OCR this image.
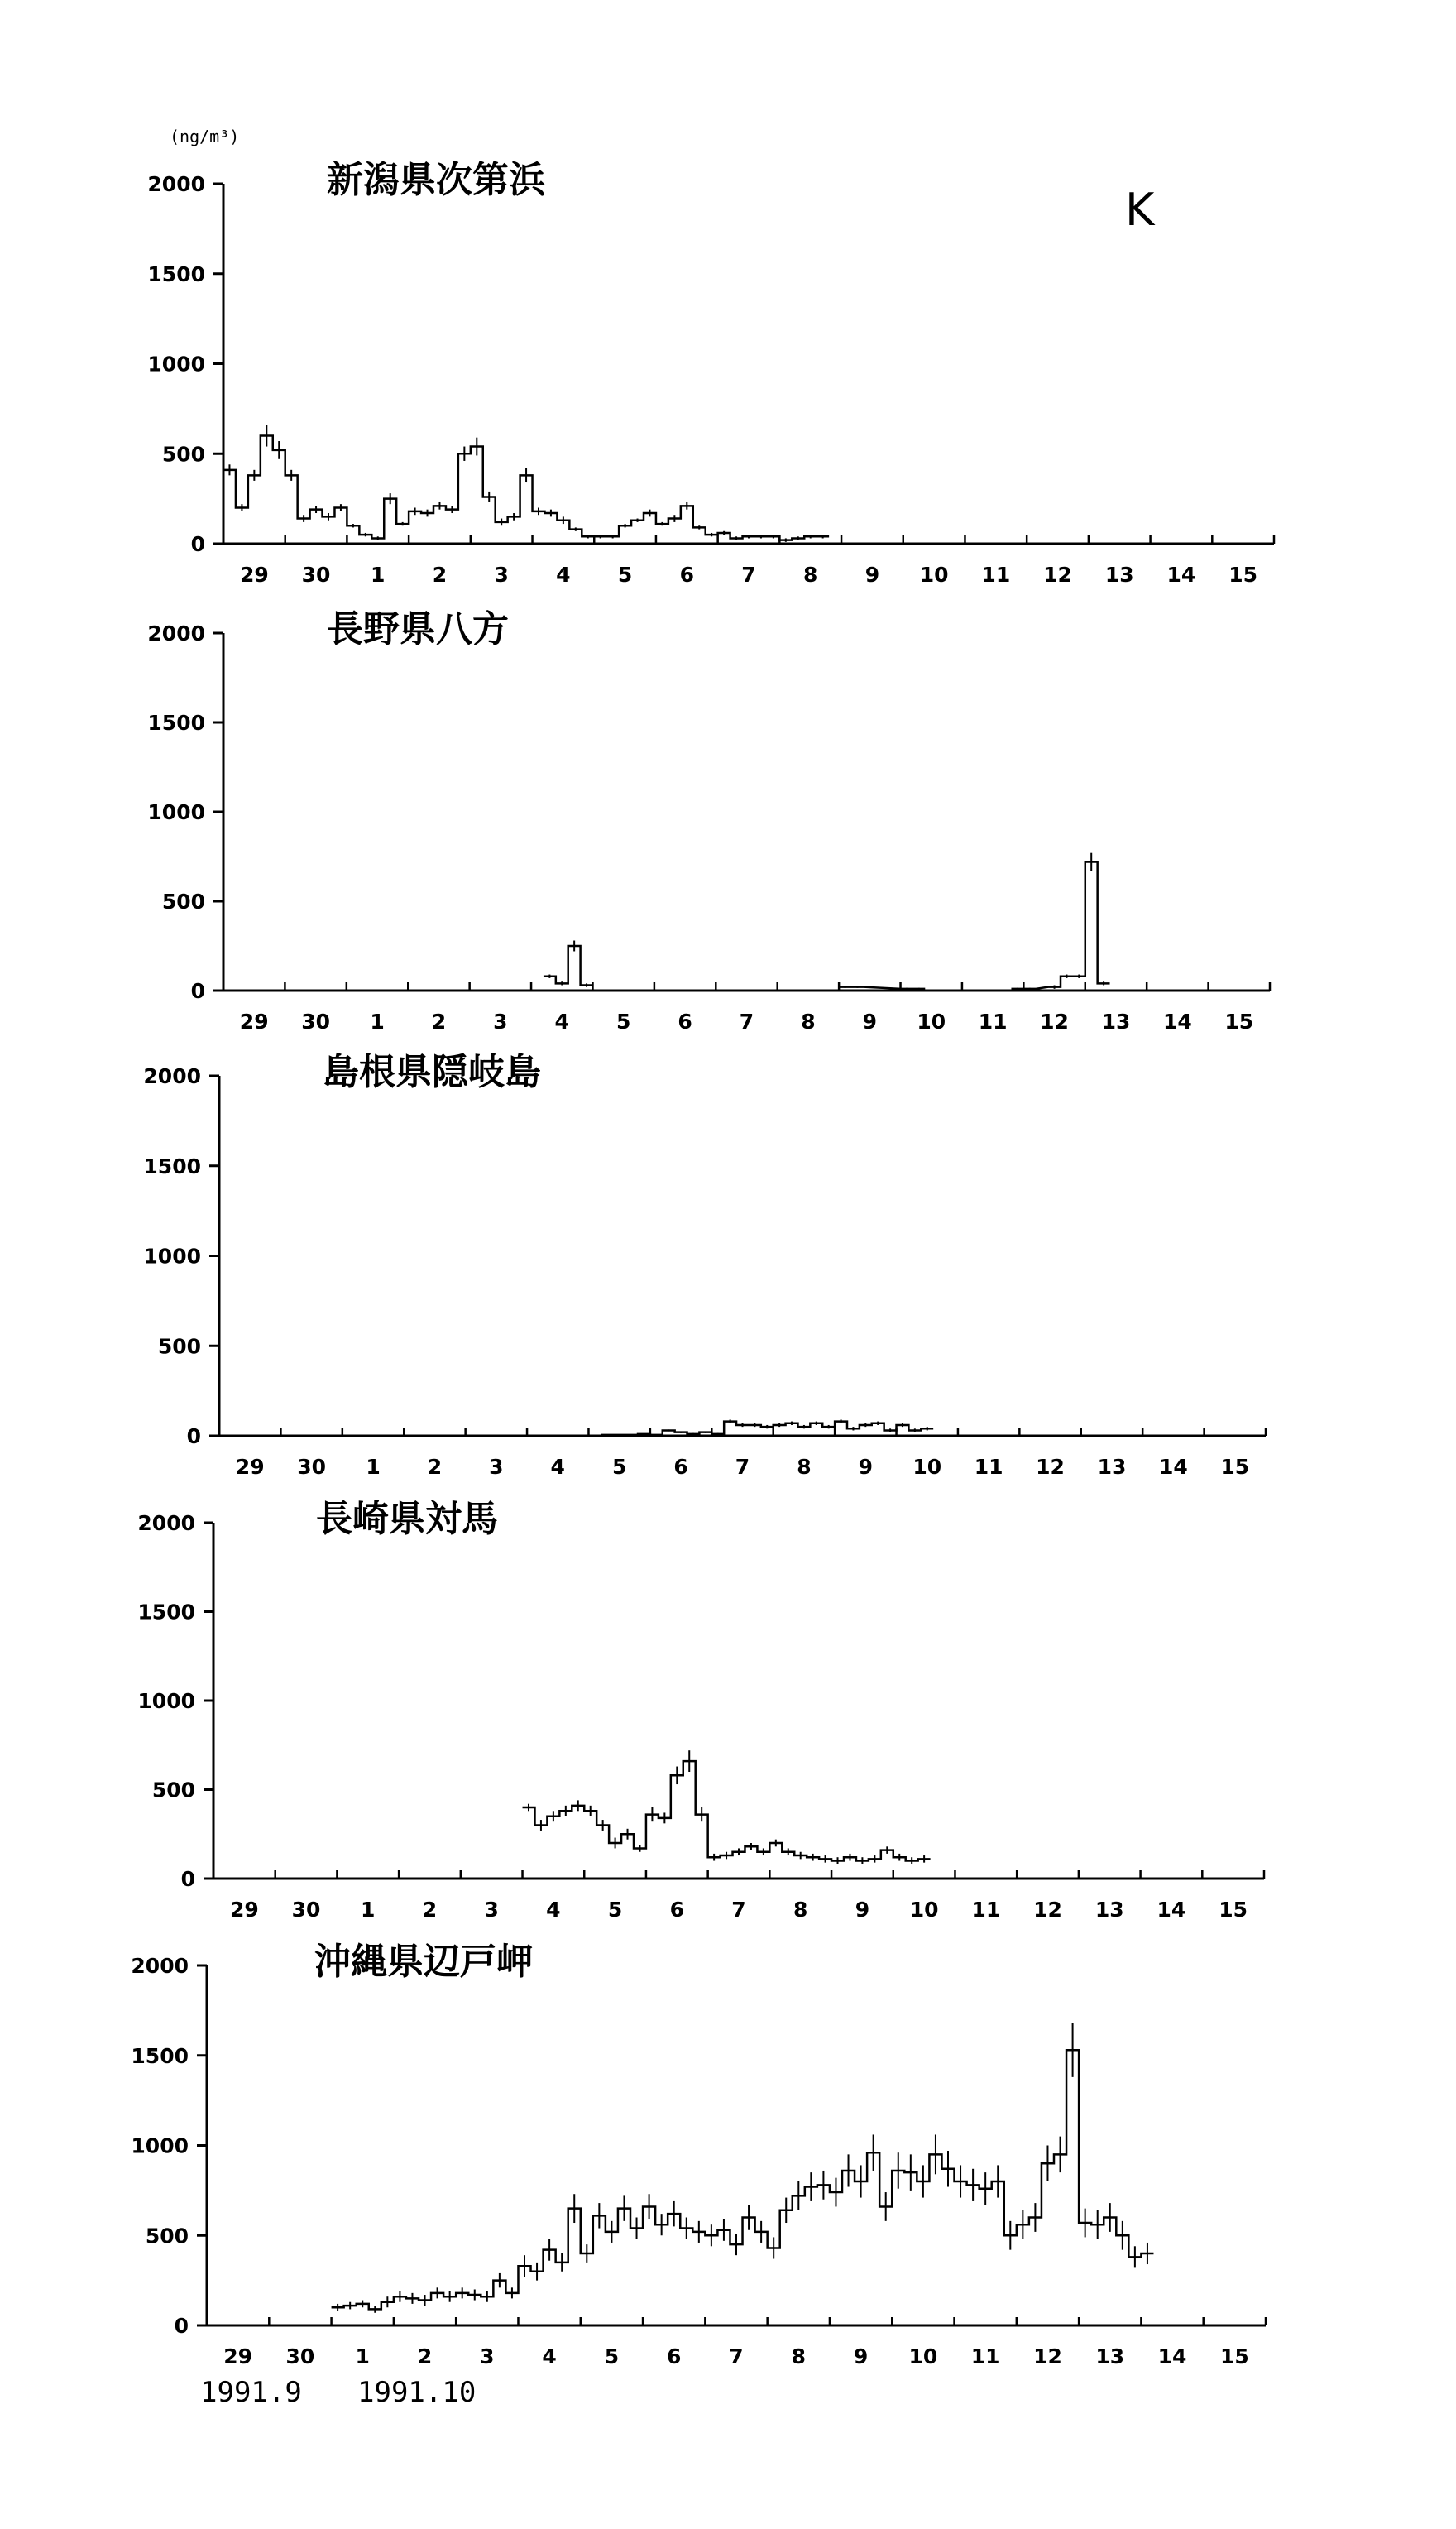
(ng/m³)
K
新潟県次第浜
0
500
1000
1500
2000
29 30 1 2 3 4 5 6 7 8 9 10 11 12 13 14 15
長野県八方
0
500
1000
1500
2000
29 30 1 2 3 4 5 6 7 8 9 10 11 12 13 14 15
島根県隠岐島
0
500
1000
1500
2000
29 30 1 2 3 4 5 6 7 8 9 10 11 12 13 14 15
長崎県対馬
0
500
1000
1500
2000
29 30 1 2 3 4 5 6 7 8 9 10 11 12 13 14 15
沖縄県辺戸岬
0
500
1000
1500
2000
29 30 1 2 3 4 5 6 7 8 9 10 11 12 13 14 15
1991.9 1991.10
